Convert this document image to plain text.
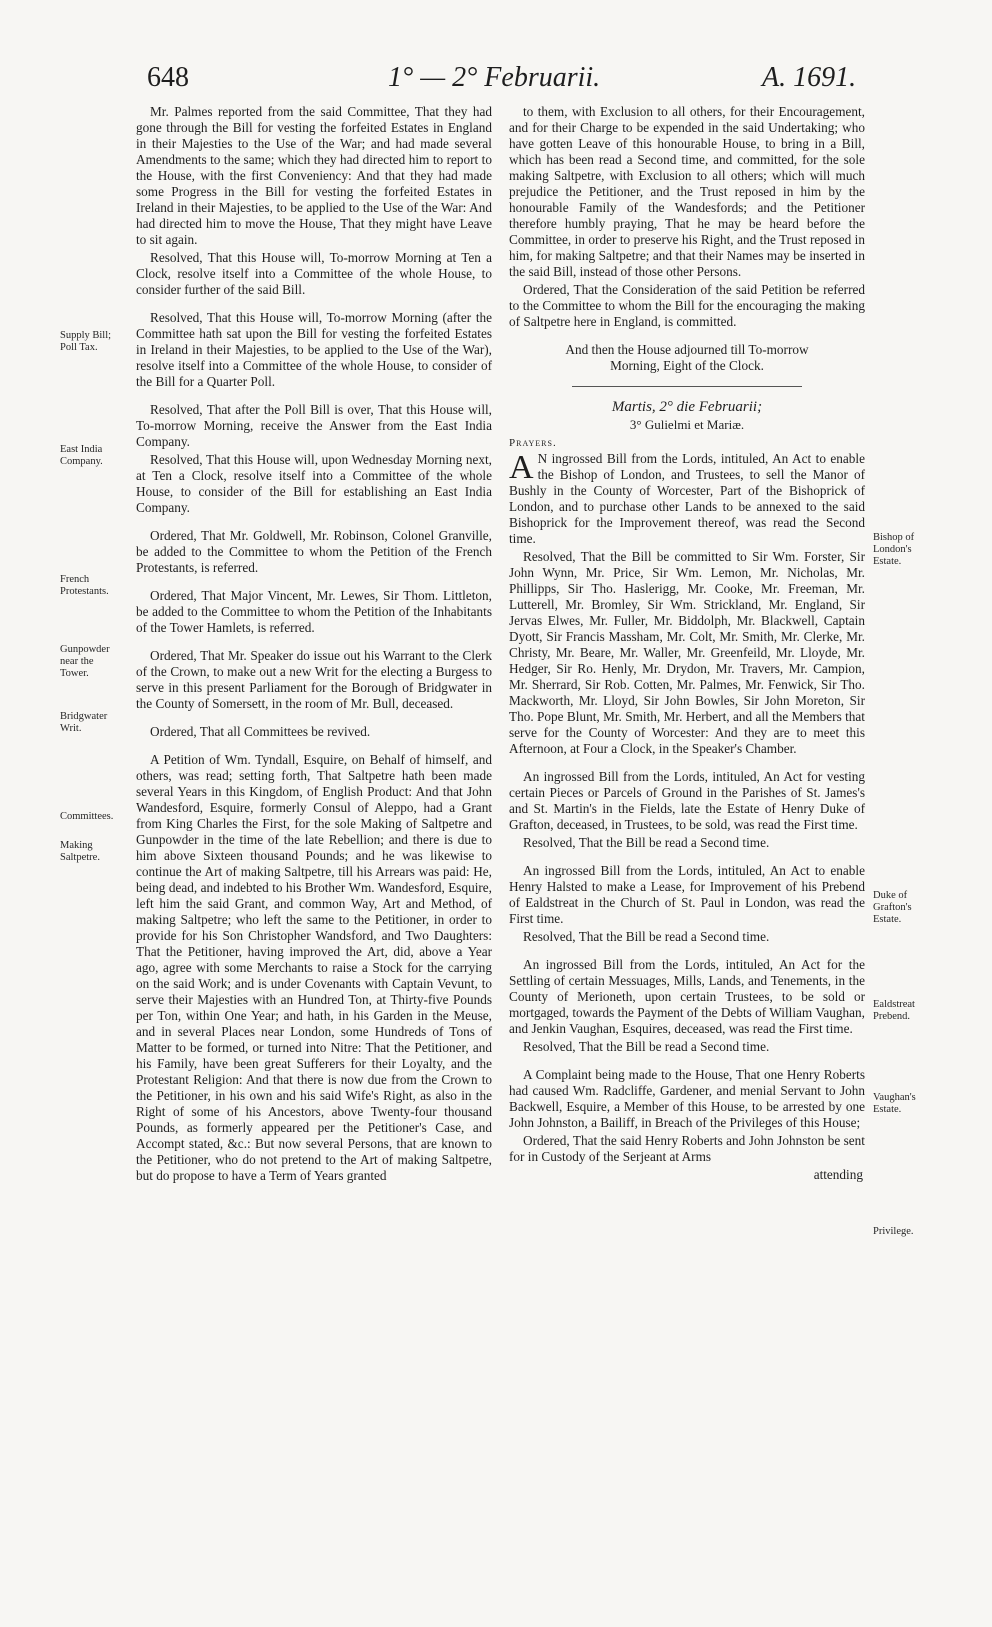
648	1° — 2° Februarii.	A. 1691.

Mr. Palmes reported from the said Committee, That they had gone through the Bill for vesting the forfeited Estates in England in their Majesties to the Use of the War; and had made several Amendments to the same; which they had directed him to report to the House, with the first Conveniency: And that they had made some Progress in the Bill for vesting the forfeited Estates in Ireland in their Majesties, to be applied to the Use of the War: And had directed him to move the House, That they might have Leave to sit again.

Resolved, That this House will, To-morrow Morning at Ten a Clock, resolve itself into a Committee of the whole House, to consider further of the said Bill.

Resolved, That this House will, To-morrow Morning (after the Committee hath sat upon the Bill for vesting the forfeited Estates in Ireland in their Majesties, to be applied to the Use of the War), resolve itself into a Committee of the whole House, to consider of the Bill for a Quarter Poll.

Resolved, That after the Poll Bill is over, That this House will, To-morrow Morning, receive the Answer from the East India Company.

Resolved, That this House will, upon Wednesday Morning next, at Ten a Clock, resolve itself into a Committee of the whole House, to consider of the Bill for establishing an East India Company.

Ordered, That Mr. Goldwell, Mr. Robinson, Colonel Granville, be added to the Committee to whom the Petition of the French Protestants, is referred.

Ordered, That Major Vincent, Mr. Lewes, Sir Thom. Littleton, be added to the Committee to whom the Petition of the Inhabitants of the Tower Hamlets, is referred.

Ordered, That Mr. Speaker do issue out his Warrant to the Clerk of the Crown, to make out a new Writ for the electing a Burgess to serve in this present Parliament for the Borough of Bridgwater in the County of Somersett, in the room of Mr. Bull, deceased.

Ordered, That all Committees be revived.

A Petition of Wm. Tyndall, Esquire, on Behalf of himself, and others, was read; setting forth, That Saltpetre hath been made several Years in this Kingdom, of English Product: And that John Wandesford, Esquire, formerly Consul of Aleppo, had a Grant from King Charles the First, for the sole Making of Saltpetre and Gunpowder in the time of the late Rebellion; and there is due to him above Sixteen thousand Pounds; and he was likewise to continue the Art of making Saltpetre, till his Arrears was paid: He, being dead, and indebted to his Brother Wm. Wandesford, Esquire, left him the said Grant, and common Way, Art and Method, of making Saltpetre; who left the same to the Petitioner, in order to provide for his Son Christopher Wandsford, and Two Daughters: That the Petitioner, having improved the Art, did, above a Year ago, agree with some Merchants to raise a Stock for the carrying on the said Work; and is under Covenants with Captain Vevunt, to serve their Majesties with an Hundred Ton, at Thirty-five Pounds per Ton, within One Year; and hath, in his Garden in the Meuse, and in several Places near London, some Hundreds of Tons of Matter to be formed, or turned into Nitre: That the Petitioner, and his Family, have been great Sufferers for their Loyalty, and the Protestant Religion: And that there is now due from the Crown to the Petitioner, in his own and his said Wife's Right, as also in the Right of some of his Ancestors, above Twenty-four thousand Pounds, as formerly appeared per the Petitioner's Case, and Accompt stated, &c.: But now several Persons, that are known to the Petitioner, who do not pretend to the Art of making Saltpetre, but do propose to have a Term of Years granted

to them, with Exclusion to all others, for their Encouragement, and for their Charge to be expended in the said Undertaking; who have gotten Leave of this honourable House, to bring in a Bill, which has been read a Second time, and committed, for the sole making Saltpetre, with Exclusion to all others; which will much prejudice the Petitioner, and the Trust reposed in him by the honourable Family of the Wandesfords; and the Petitioner therefore humbly praying, That he may be heard before the Committee, in order to preserve his Right, and the Trust reposed in him, for making Saltpetre; and that their Names may be inserted in the said Bill, instead of those other Persons.

Ordered, That the Consideration of the said Petition be referred to the Committee to whom the Bill for the encouraging the making of Saltpetre here in England, is committed.

And then the House adjourned till To-morrow Morning, Eight of the Clock.

Martis, 2° die Februarii;

3° Gulielmi et Mariæ.

Prayers.

A N ingrossed Bill from the Lords, intituled, An Act to enable the Bishop of London, and Trustees, to sell the Manor of Bushly in the County of Worcester, Part of the Bishoprick of London, and to purchase other Lands to be annexed to the said Bishoprick for the Improvement thereof, was read the Second time.

Resolved, That the Bill be committed to Sir Wm. Forster, Sir John Wynn, Mr. Price, Sir Wm. Lemon, Mr. Nicholas, Mr. Phillipps, Sir Tho. Haslerigg, Mr. Cooke, Mr. Freeman, Mr. Lutterell, Mr. Bromley, Sir Wm. Strickland, Mr. England, Sir Jervas Elwes, Mr. Fuller, Mr. Biddolph, Mr. Blackwell, Captain Dyott, Sir Francis Massham, Mr. Colt, Mr. Smith, Mr. Clerke, Mr. Christy, Mr. Beare, Mr. Waller, Mr. Greenfeild, Mr. Lloyde, Mr. Hedger, Sir Ro. Henly, Mr. Drydon, Mr. Travers, Mr. Campion, Mr. Sherrard, Sir Rob. Cotten, Mr. Palmes, Mr. Fenwick, Sir Tho. Mackworth, Mr. Lloyd, Sir John Bowles, Sir John Moreton, Sir Tho. Pope Blunt, Mr. Smith, Mr. Herbert, and all the Members that serve for the County of Worcester: And they are to meet this Afternoon, at Four a Clock, in the Speaker's Chamber.

An ingrossed Bill from the Lords, intituled, An Act for vesting certain Pieces or Parcels of Ground in the Parishes of St. James's and St. Martin's in the Fields, late the Estate of Henry Duke of Grafton, deceased, in Trustees, to be sold, was read the First time.

Resolved, That the Bill be read a Second time.

An ingrossed Bill from the Lords, intituled, An Act to enable Henry Halsted to make a Lease, for Improvement of his Prebend of Ealdstreat in the Church of St. Paul in London, was read the First time.

Resolved, That the Bill be read a Second time.

An ingrossed Bill from the Lords, intituled, An Act for the Settling of certain Messuages, Mills, Lands, and Tenements, in the County of Merioneth, upon certain Trustees, to be sold or mortgaged, towards the Payment of the Debts of William Vaughan, and Jenkin Vaughan, Esquires, deceased, was read the First time.

Resolved, That the Bill be read a Second time.

A Complaint being made to the House, That one Henry Roberts had caused Wm. Radcliffe, Gardener, and menial Servant to John Backwell, Esquire, a Member of this House, to be arrested by one John Johnston, a Bailiff, in Breach of the Privileges of this House;

Ordered, That the said Henry Roberts and John Johnston be sent for in Custody of the Serjeant at Arms

attending

Supply Bill;
Poll Tax.
East India
Company.
French
Protestants.
Gunpowder
near the
Tower.
Bridgwater
Writ.
Committees.
Making
Saltpetre.
Bishop of
London's
Estate.
Duke of
Grafton's
Estate.
Ealdstreat
Prebend.
Vaughan's
Estate.
Privilege.
